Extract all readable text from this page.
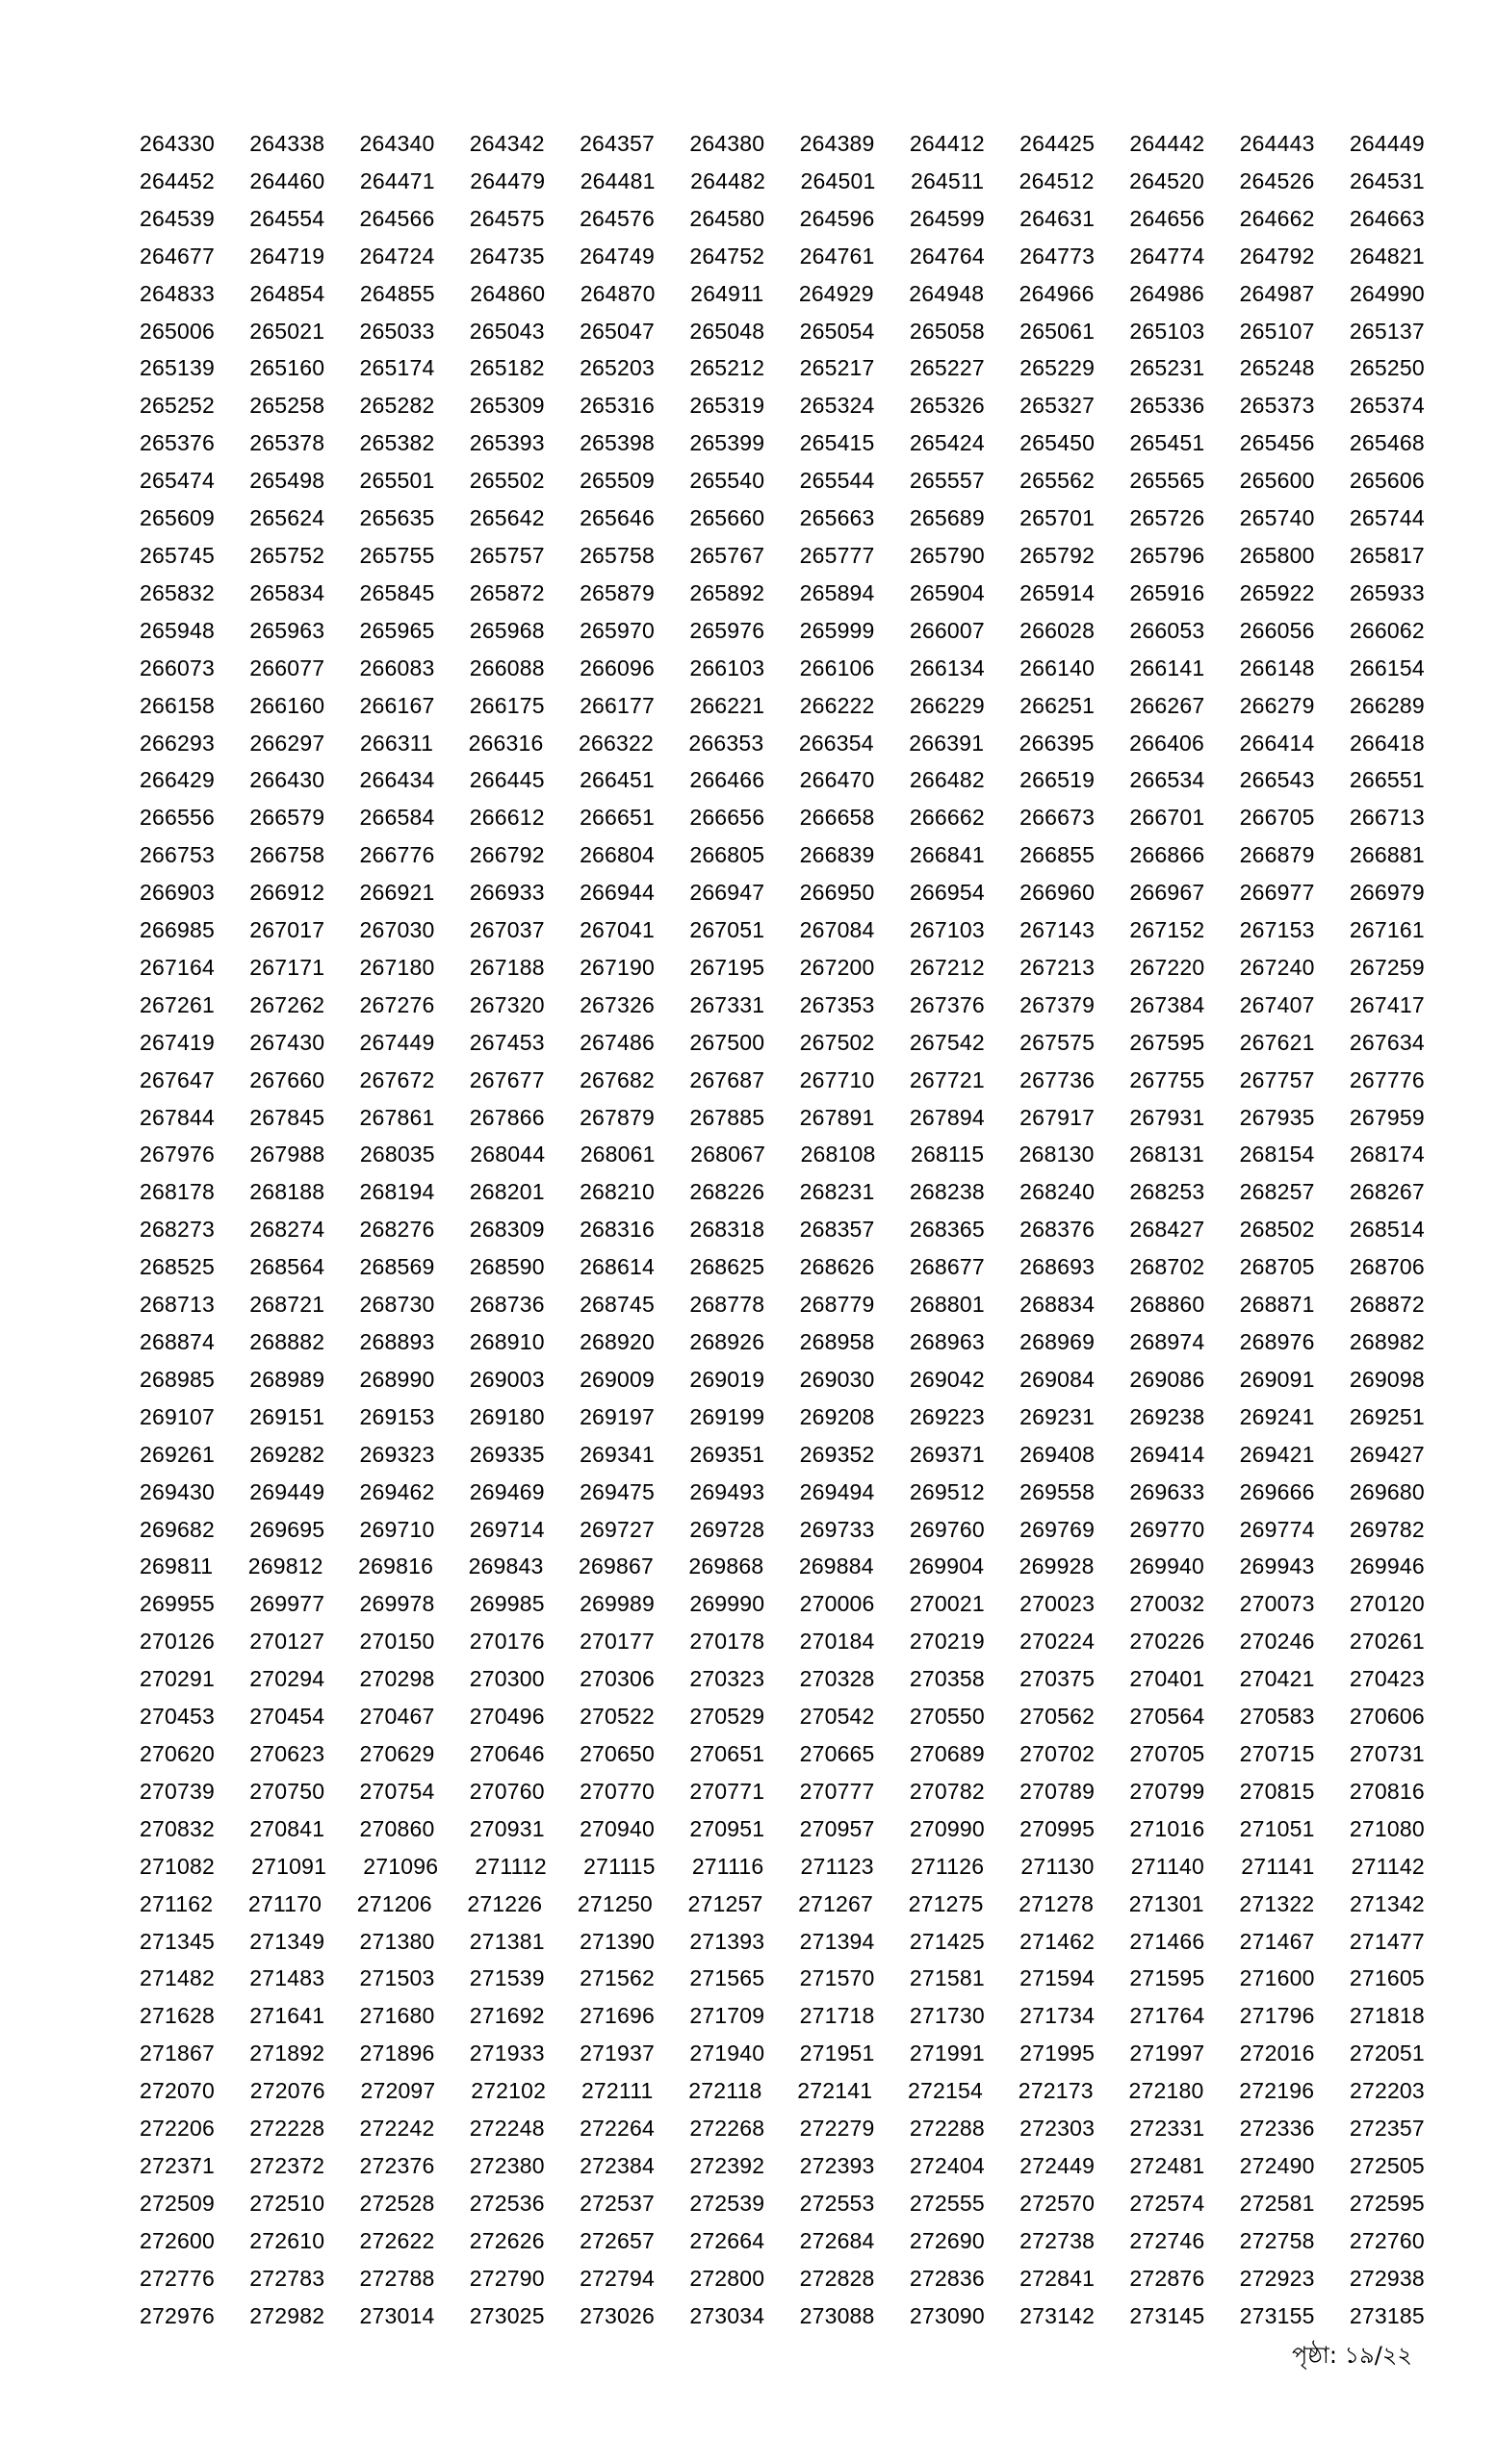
264330 264338 264340 264342 264357 264380 264389 264412 264425 264442 264443 264449
264452 264460 264471 264479 264481 264482 264501 264511 264512 264520 264526 264531
264539 264554 264566 264575 264576 264580 264596 264599 264631 264656 264662 264663
264677 264719 264724 264735 264749 264752 264761 264764 264773 264774 264792 264821
264833 264854 264855 264860 264870 264911 264929 264948 264966 264986 264987 264990
265006 265021 265033 265043 265047 265048 265054 265058 265061 265103 265107 265137
265139 265160 265174 265182 265203 265212 265217 265227 265229 265231 265248 265250
265252 265258 265282 265309 265316 265319 265324 265326 265327 265336 265373 265374
265376 265378 265382 265393 265398 265399 265415 265424 265450 265451 265456 265468
265474 265498 265501 265502 265509 265540 265544 265557 265562 265565 265600 265606
265609 265624 265635 265642 265646 265660 265663 265689 265701 265726 265740 265744
265745 265752 265755 265757 265758 265767 265777 265790 265792 265796 265800 265817
265832 265834 265845 265872 265879 265892 265894 265904 265914 265916 265922 265933
265948 265963 265965 265968 265970 265976 265999 266007 266028 266053 266056 266062
266073 266077 266083 266088 266096 266103 266106 266134 266140 266141 266148 266154
266158 266160 266167 266175 266177 266221 266222 266229 266251 266267 266279 266289
266293 266297 266311 266316 266322 266353 266354 266391 266395 266406 266414 266418
266429 266430 266434 266445 266451 266466 266470 266482 266519 266534 266543 266551
266556 266579 266584 266612 266651 266656 266658 266662 266673 266701 266705 266713
266753 266758 266776 266792 266804 266805 266839 266841 266855 266866 266879 266881
266903 266912 266921 266933 266944 266947 266950 266954 266960 266967 266977 266979
266985 267017 267030 267037 267041 267051 267084 267103 267143 267152 267153 267161
267164 267171 267180 267188 267190 267195 267200 267212 267213 267220 267240 267259
267261 267262 267276 267320 267326 267331 267353 267376 267379 267384 267407 267417
267419 267430 267449 267453 267486 267500 267502 267542 267575 267595 267621 267634
267647 267660 267672 267677 267682 267687 267710 267721 267736 267755 267757 267776
267844 267845 267861 267866 267879 267885 267891 267894 267917 267931 267935 267959
267976 267988 268035 268044 268061 268067 268108 268115 268130 268131 268154 268174
268178 268188 268194 268201 268210 268226 268231 268238 268240 268253 268257 268267
268273 268274 268276 268309 268316 268318 268357 268365 268376 268427 268502 268514
268525 268564 268569 268590 268614 268625 268626 268677 268693 268702 268705 268706
268713 268721 268730 268736 268745 268778 268779 268801 268834 268860 268871 268872
268874 268882 268893 268910 268920 268926 268958 268963 268969 268974 268976 268982
268985 268989 268990 269003 269009 269019 269030 269042 269084 269086 269091 269098
269107 269151 269153 269180 269197 269199 269208 269223 269231 269238 269241 269251
269261 269282 269323 269335 269341 269351 269352 269371 269408 269414 269421 269427
269430 269449 269462 269469 269475 269493 269494 269512 269558 269633 269666 269680
269682 269695 269710 269714 269727 269728 269733 269760 269769 269770 269774 269782
269811 269812 269816 269843 269867 269868 269884 269904 269928 269940 269943 269946
269955 269977 269978 269985 269989 269990 270006 270021 270023 270032 270073 270120
270126 270127 270150 270176 270177 270178 270184 270219 270224 270226 270246 270261
270291 270294 270298 270300 270306 270323 270328 270358 270375 270401 270421 270423
270453 270454 270467 270496 270522 270529 270542 270550 270562 270564 270583 270606
270620 270623 270629 270646 270650 270651 270665 270689 270702 270705 270715 270731
270739 270750 270754 270760 270770 270771 270777 270782 270789 270799 270815 270816
270832 270841 270860 270931 270940 270951 270957 270990 270995 271016 271051 271080
271082 271091 271096 271112 271115 271116 271123 271126 271130 271140 271141 271142
271162 271170 271206 271226 271250 271257 271267 271275 271278 271301 271322 271342
271345 271349 271380 271381 271390 271393 271394 271425 271462 271466 271467 271477
271482 271483 271503 271539 271562 271565 271570 271581 271594 271595 271600 271605
271628 271641 271680 271692 271696 271709 271718 271730 271734 271764 271796 271818
271867 271892 271896 271933 271937 271940 271951 271991 271995 271997 272016 272051
272070 272076 272097 272102 272111 272118 272141 272154 272173 272180 272196 272203
272206 272228 272242 272248 272264 272268 272279 272288 272303 272331 272336 272357
272371 272372 272376 272380 272384 272392 272393 272404 272449 272481 272490 272505
272509 272510 272528 272536 272537 272539 272553 272555 272570 272574 272581 272595
272600 272610 272622 272626 272657 272664 272684 272690 272738 272746 272758 272760
272776 272783 272788 272790 272794 272800 272828 272836 272841 272876 272923 272938
272976 272982 273014 273025 273026 273034 273088 273090 273142 273145 273155 273185
পৃষ্ঠা: ১৯/২২
